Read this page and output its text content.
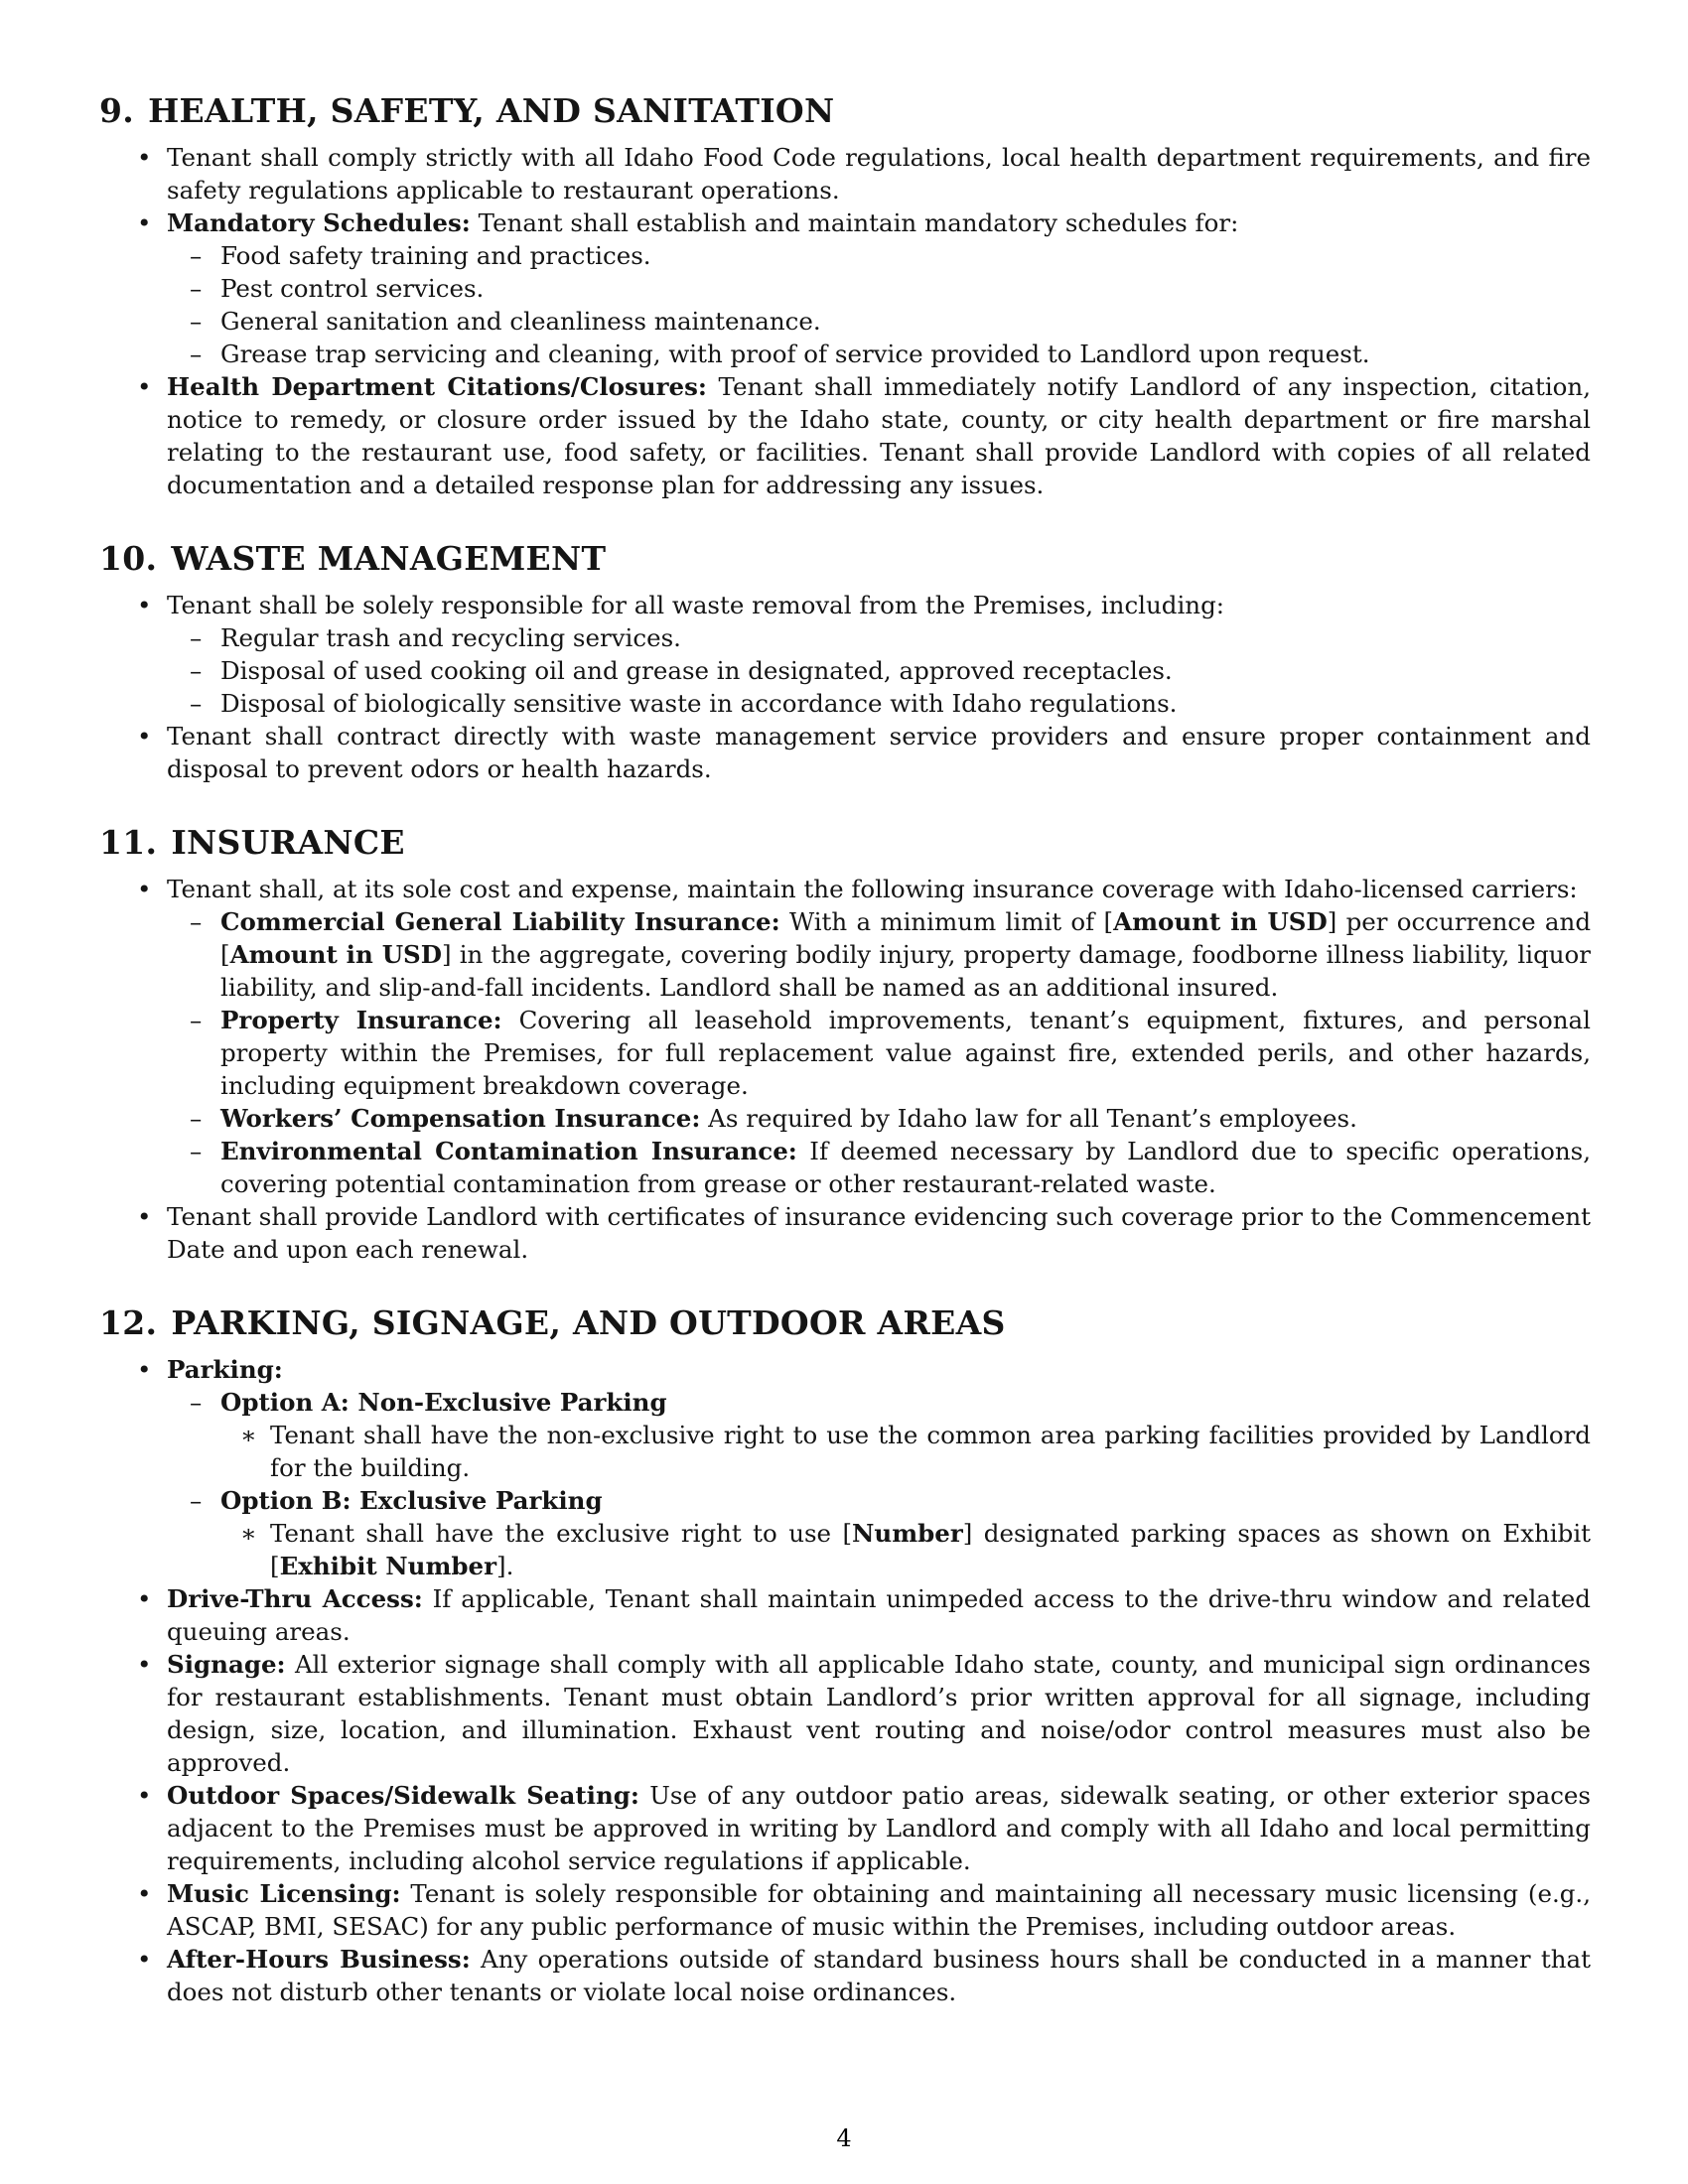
9. HEALTH, SAFETY, AND SANITATION
• Tenant shall comply strictly with all Idaho Food Code regulations, local health department requirements, and fire safety regulations applicable to restaurant operations.
• Mandatory Schedules: Tenant shall establish and maintain mandatory schedules for:
– Food safety training and practices.
– Pest control services.
– General sanitation and cleanliness maintenance.
– Grease trap servicing and cleaning, with proof of service provided to Landlord upon request.
• Health Department Citations/Closures: Tenant shall immediately notify Landlord of any inspection, citation, notice to remedy, or closure order issued by the Idaho state, county, or city health department or fire marshal relating to the restaurant use, food safety, or facilities. Tenant shall provide Landlord with copies of all related documentation and a detailed response plan for addressing any issues.
10. WASTE MANAGEMENT
• Tenant shall be solely responsible for all waste removal from the Premises, including:
– Regular trash and recycling services.
– Disposal of used cooking oil and grease in designated, approved receptacles.
– Disposal of biologically sensitive waste in accordance with Idaho regulations.
• Tenant shall contract directly with waste management service providers and ensure proper containment and disposal to prevent odors or health hazards.
11. INSURANCE
• Tenant shall, at its sole cost and expense, maintain the following insurance coverage with Idaho-licensed carriers:
– Commercial General Liability Insurance: With a minimum limit of [Amount in USD] per occurrence and [Amount in USD] in the aggregate, covering bodily injury, property damage, foodborne illness liability, liquor liability, and slip-and-fall incidents. Landlord shall be named as an additional insured.
– Property Insurance: Covering all leasehold improvements, tenant’s equipment, fixtures, and personal property within the Premises, for full replacement value against fire, extended perils, and other hazards, including equipment breakdown coverage.
– Workers’ Compensation Insurance: As required by Idaho law for all Tenant’s employees.
– Environmental Contamination Insurance: If deemed necessary by Landlord due to specific operations, covering potential contamination from grease or other restaurant-related waste.
• Tenant shall provide Landlord with certificates of insurance evidencing such coverage prior to the Commencement Date and upon each renewal.
12. PARKING, SIGNAGE, AND OUTDOOR AREAS
• Parking:
– Option A: Non-Exclusive Parking
∗ Tenant shall have the non-exclusive right to use the common area parking facilities provided by Landlord for the building.
– Option B: Exclusive Parking
∗ Tenant shall have the exclusive right to use [Number] designated parking spaces as shown on Exhibit [Exhibit Number].
• Drive-Thru Access: If applicable, Tenant shall maintain unimpeded access to the drive-thru window and related queuing areas.
• Signage: All exterior signage shall comply with all applicable Idaho state, county, and municipal sign ordinances for restaurant establishments. Tenant must obtain Landlord’s prior written approval for all signage, including design, size, location, and illumination. Exhaust vent routing and noise/odor control measures must also be approved.
• Outdoor Spaces/Sidewalk Seating: Use of any outdoor patio areas, sidewalk seating, or other exterior spaces adjacent to the Premises must be approved in writing by Landlord and comply with all Idaho and local permitting requirements, including alcohol service regulations if applicable.
• Music Licensing: Tenant is solely responsible for obtaining and maintaining all necessary music licensing (e.g., ASCAP, BMI, SESAC) for any public performance of music within the Premises, including outdoor areas.
• After-Hours Business: Any operations outside of standard business hours shall be conducted in a manner that does not disturb other tenants or violate local noise ordinances.
4
